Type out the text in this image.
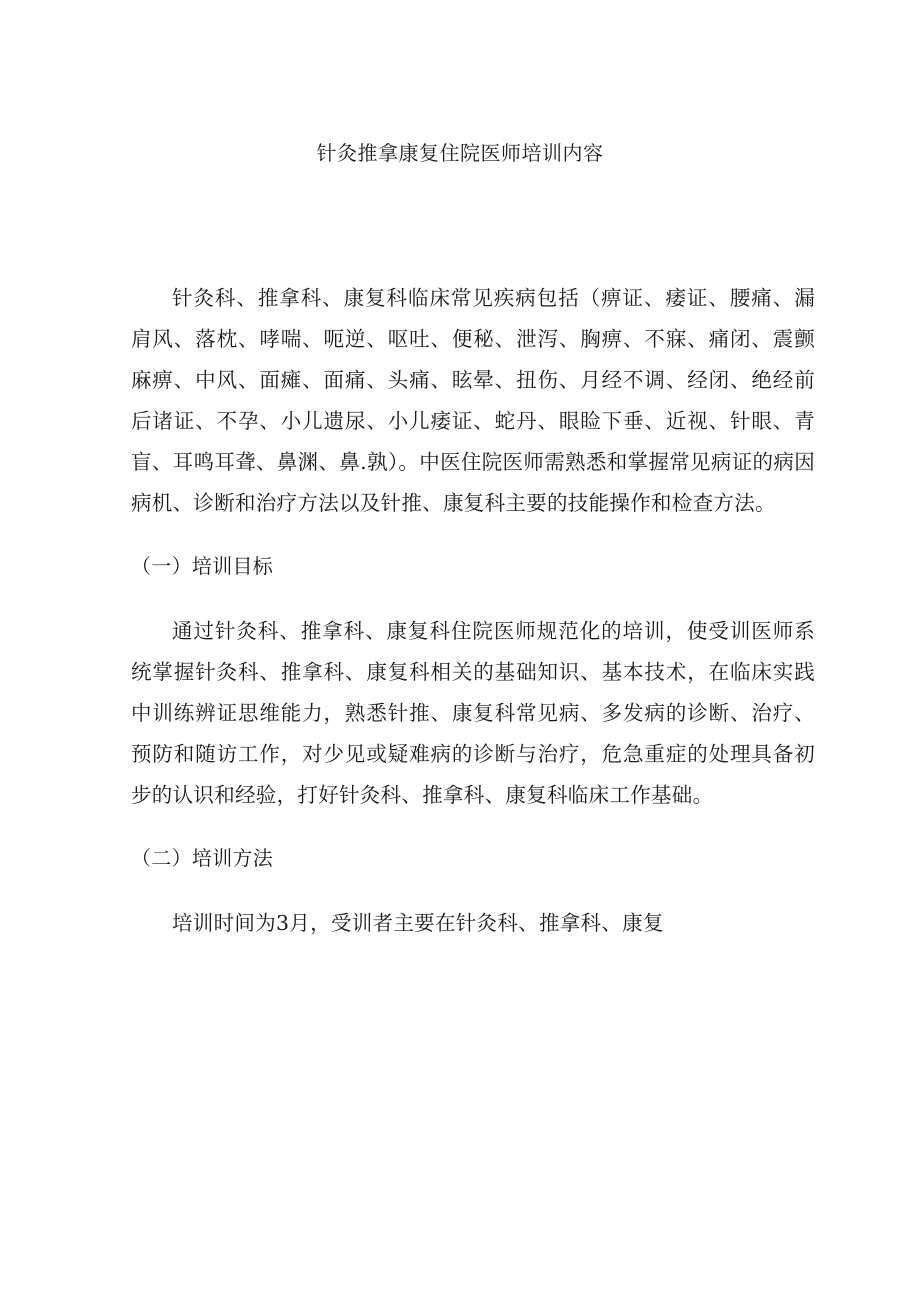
针灸推拿康复住院医师培训内容

针灸科、推拿科、康复科临床常见疾病包括（痹证、痿证、腰痛、漏肩风、落枕、哮喘、呃逆、呕吐、便秘、泄泻、胸痹、不寐、痛闭、震颤麻痹、中风、面瘫、面痛、头痛、眩晕、扭伤、月经不调、经闭、绝经前后诸证、不孕、小儿遗尿、小儿痿证、蛇丹、眼睑下垂、近视、针眼、青盲、耳鸣耳聋、鼻渊、鼻.孰）。中医住院医师需熟悉和掌握常见病证的病因病机、诊断和治疗方法以及针推、康复科主要的技能操作和检查方法。

（一）培训目标

通过针灸科、推拿科、康复科住院医师规范化的培训，使受训医师系统掌握针灸科、推拿科、康复科相关的基础知识、基本技术，在临床实践中训练辨证思维能力，熟悉针推、康复科常见病、多发病的诊断、治疗、预防和随访工作，对少见或疑难病的诊断与治疗，危急重症的处理具备初步的认识和经验，打好针灸科、推拿科、康复科临床工作基础。

（二）培训方法

培训时间为3月，受训者主要在针灸科、推拿科、康复
